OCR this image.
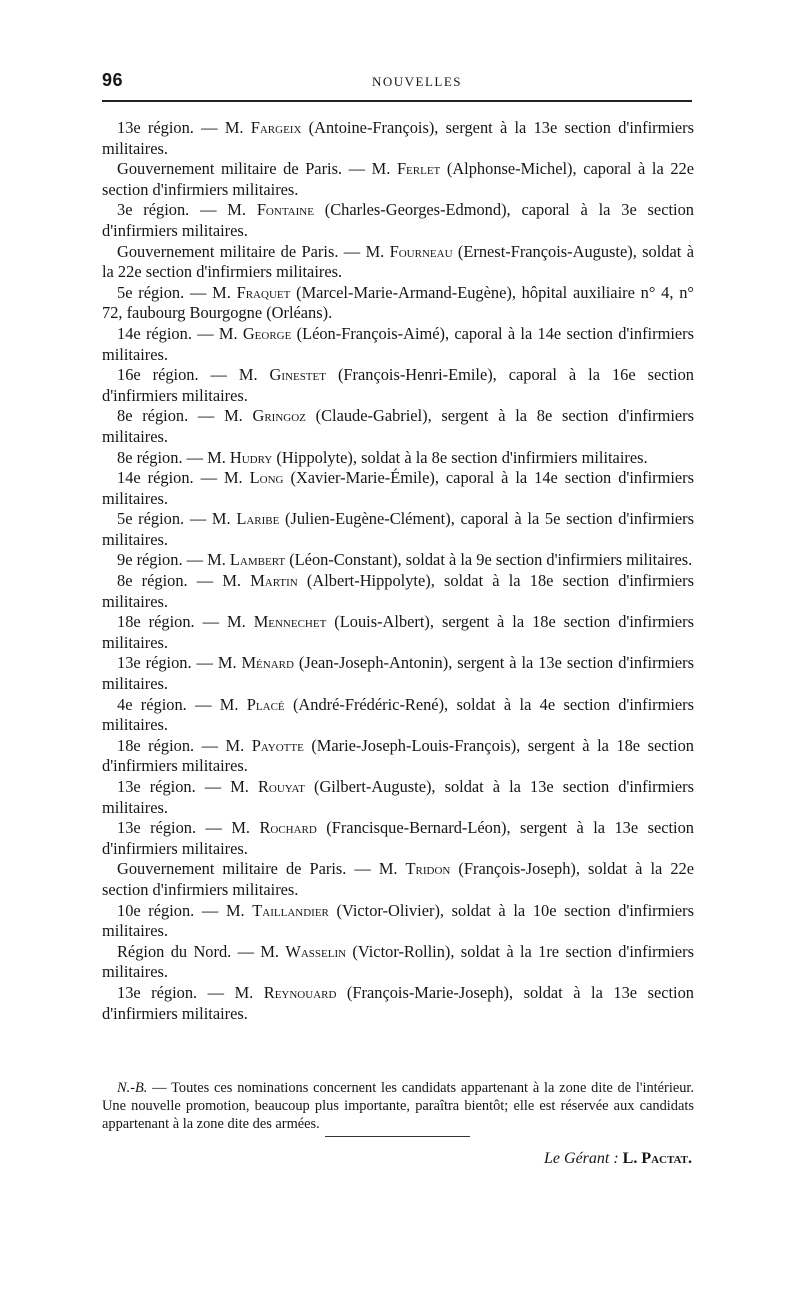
96	NOUVELLES

13e région. — M. Fargeix (Antoine-François), sergent à la 13e section d'infirmiers militaires.

Gouvernement militaire de Paris. — M. Ferlet (Alphonse-Michel), caporal à la 22e section d'infirmiers militaires.

3e région. — M. Fontaine (Charles-Georges-Edmond), caporal à la 3e section d'infirmiers militaires.

Gouvernement militaire de Paris. — M. Fourneau (Ernest-François-Auguste), soldat à la 22e section d'infirmiers militaires.

5e région. — M. Fraquet (Marcel-Marie-Armand-Eugène), hôpital auxiliaire n° 4, n° 72, faubourg Bourgogne (Orléans).

14e région. — M. George (Léon-François-Aimé), caporal à la 14e section d'infirmiers militaires.

16e région. — M. Ginestet (François-Henri-Emile), caporal à la 16e section d'infirmiers militaires.

8e région. — M. Gringoz (Claude-Gabriel), sergent à la 8e section d'infirmiers militaires.

8e région. — M. Hudry (Hippolyte), soldat à la 8e section d'infirmiers militaires.

14e région. — M. Long (Xavier-Marie-Émile), caporal à la 14e section d'infirmiers militaires.

5e région. — M. Laribe (Julien-Eugène-Clément), caporal à la 5e section d'infirmiers militaires.

9e région. — M. Lambert (Léon-Constant), soldat à la 9e section d'infirmiers militaires.

8e région. — M. Martin (Albert-Hippolyte), soldat à la 18e section d'infirmiers militaires.

18e région. — M. Mennechet (Louis-Albert), sergent à la 18e section d'infirmiers militaires.

13e région. — M. Ménard (Jean-Joseph-Antonin), sergent à la 13e section d'infirmiers militaires.

4e région. — M. Placé (André-Frédéric-René), soldat à la 4e section d'infirmiers militaires.

18e région. — M. Payotte (Marie-Joseph-Louis-François), sergent à la 18e section d'infirmiers militaires.

13e région. — M. Rouyat (Gilbert-Auguste), soldat à la 13e section d'infirmiers militaires.

13e région. — M. Rochard (Francisque-Bernard-Léon), sergent à la 13e section d'infirmiers militaires.

Gouvernement militaire de Paris. — M. Tridon (François-Joseph), soldat à la 22e section d'infirmiers militaires.

10e région. — M. Taillandier (Victor-Olivier), soldat à la 10e section d'infirmiers militaires.

Région du Nord. — M. Wasselin (Victor-Rollin), soldat à la 1re section d'infirmiers militaires.

13e région. — M. Reynouard (François-Marie-Joseph), soldat à la 13e section d'infirmiers militaires.

N.-B. — Toutes ces nominations concernent les candidats appartenant à la zone dite de l'intérieur. Une nouvelle promotion, beaucoup plus importante, paraîtra bientôt; elle est réservée aux candidats appartenant à la zone dite des armées.

Le Gérant : L. Pactat.
